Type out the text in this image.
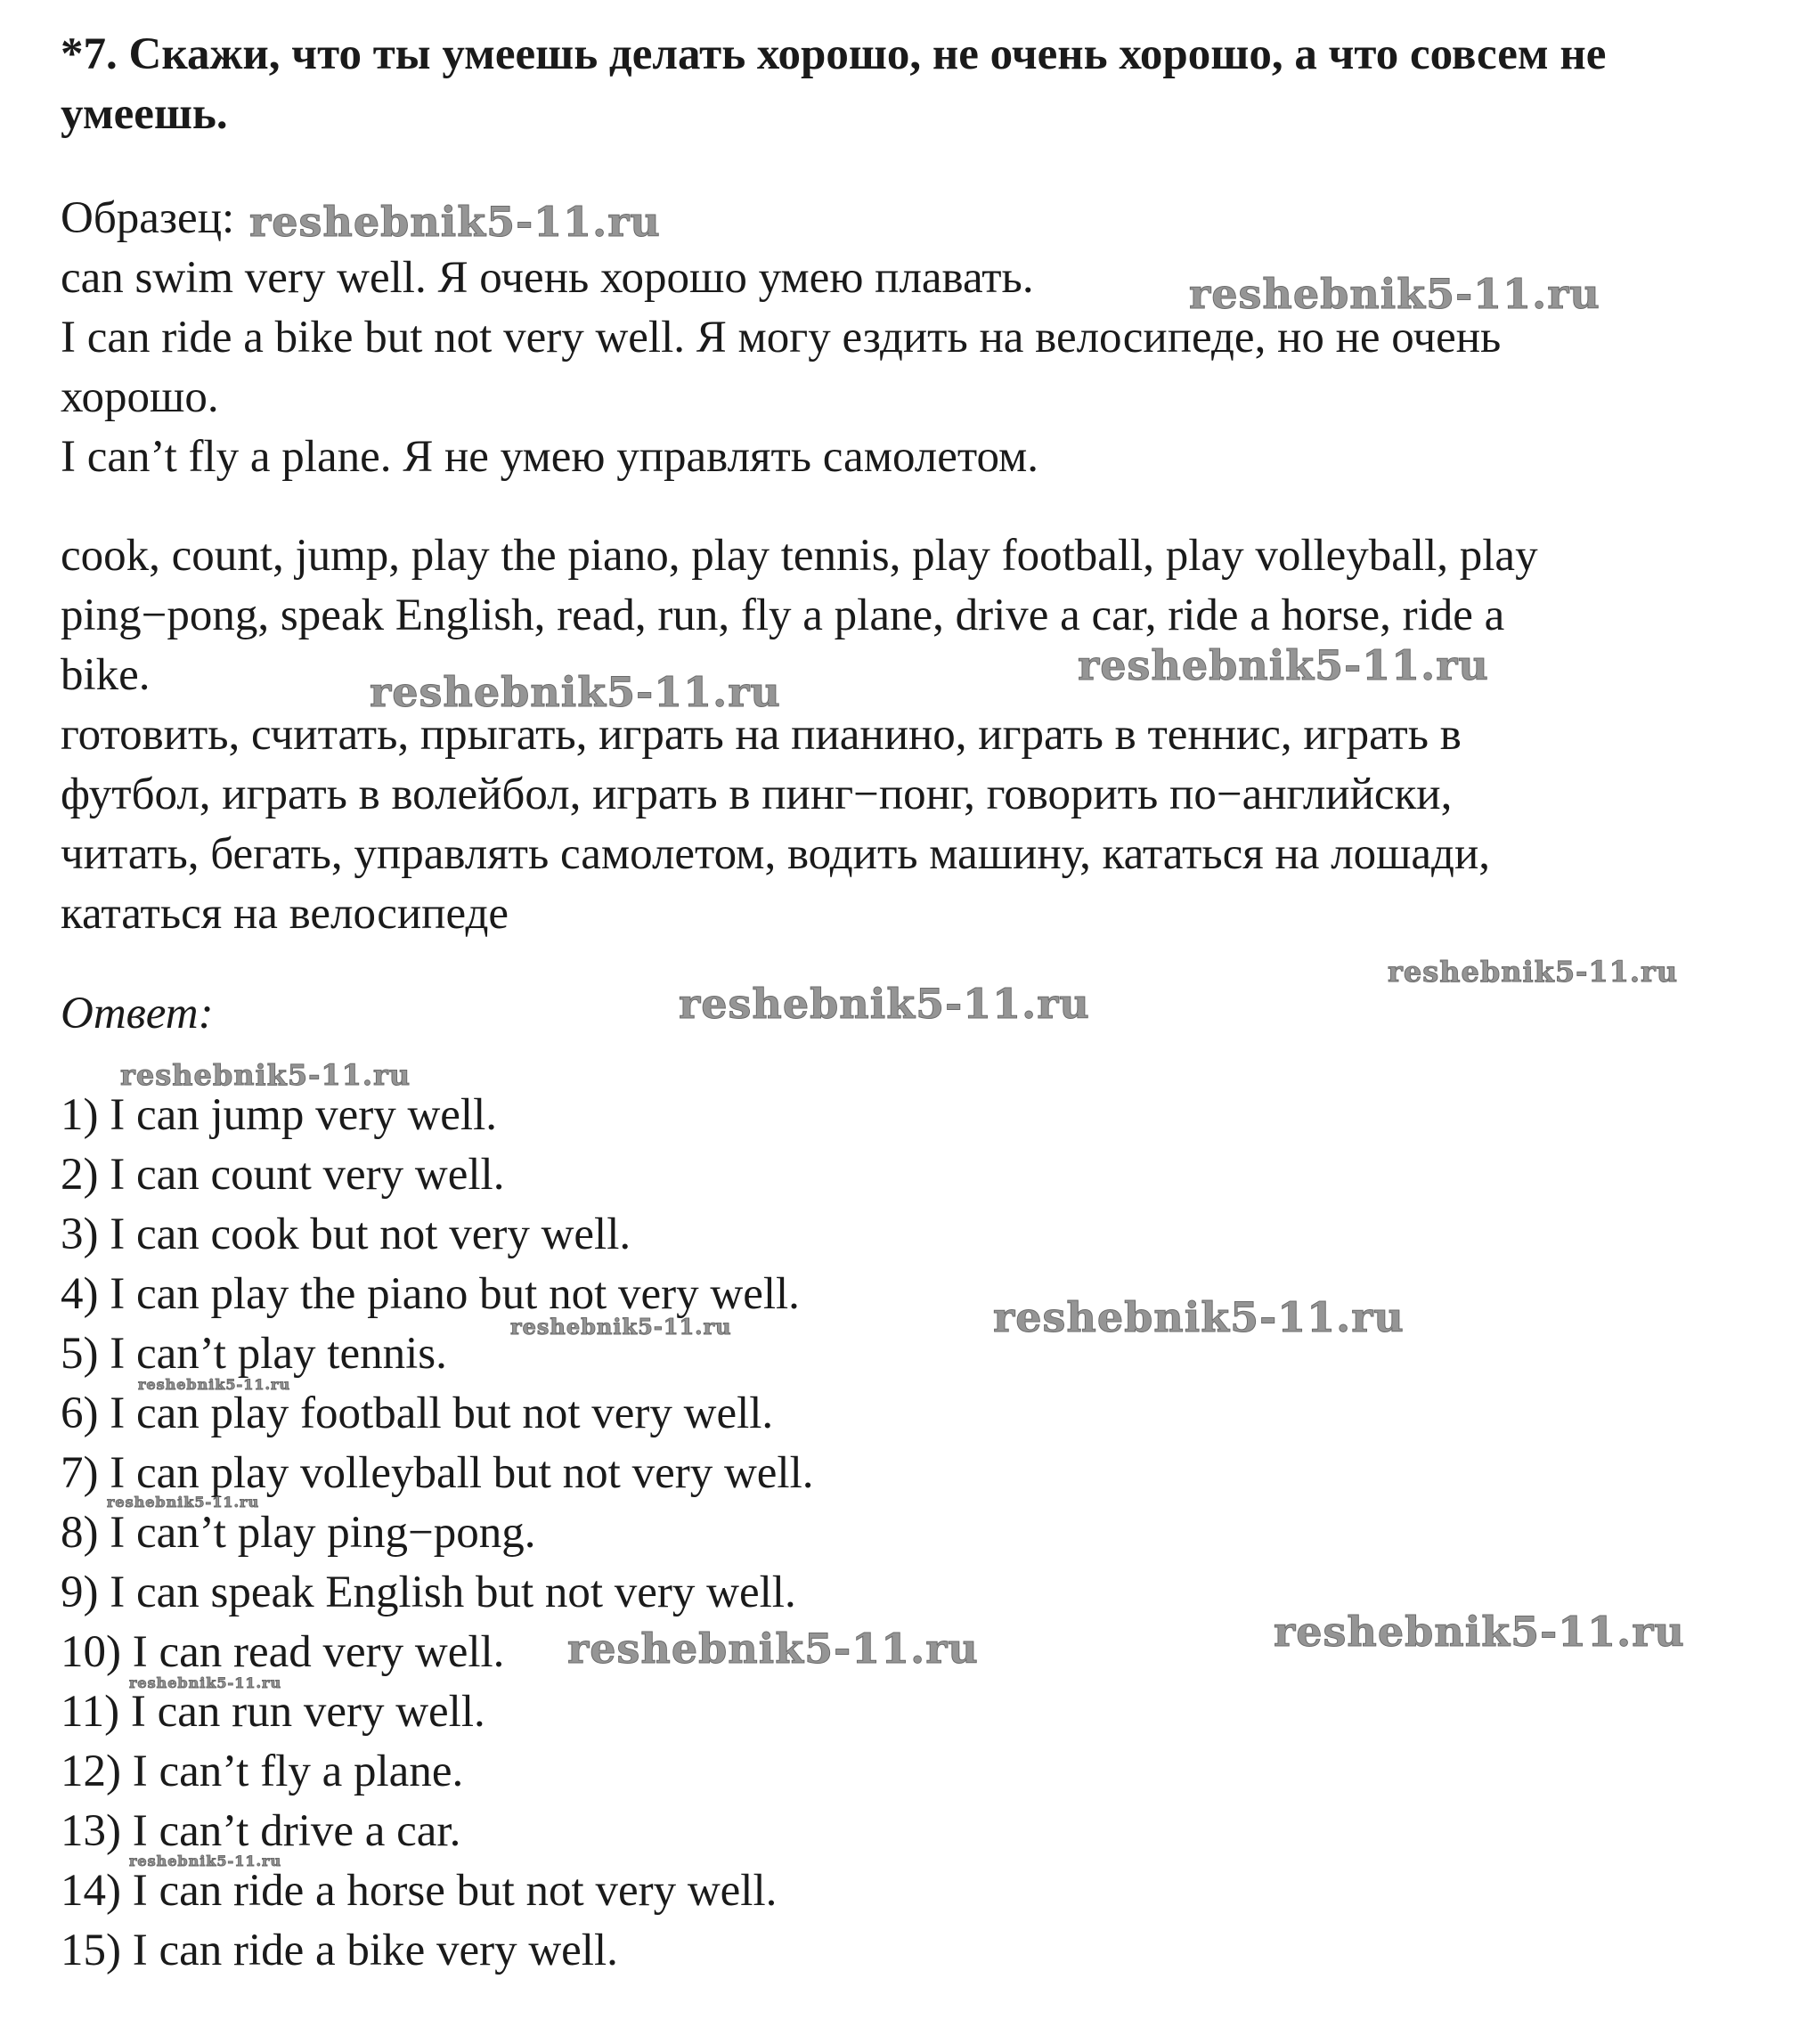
*7. Скажи, что ты умеешь делать хорошо, не очень хорошо, а что совсем не умеешь.

Образец:
can swim very well. Я очень хорошо умею плавать.
I can ride a bike but not very well. Я могу ездить на велосипеде, но не очень
хорошо.
I can’t fly a plane. Я не умею управлять самолетом.
cook, count, jump, play the piano, play tennis, play football, play volleyball, play
ping−pong, speak English, read, run, fly a plane, drive a car, ride a horse, ride a
bike.
готовить, считать, прыгать, играть на пианино, играть в теннис, играть в
футбол, играть в волейбол, играть в пинг−понг, говорить по−английски,
читать, бегать, управлять самолетом, водить машину, кататься на лошади,
кататься на велосипеде
Ответ:
1) I can jump very well.
2) I can count very well.
3) I can cook but not very well.
4) I can play the piano but not very well.
5) I can’t play tennis.
6) I can play football but not very well.
7) I can play volleyball but not very well.
8) I can’t play ping−pong.
9) I can speak English but not very well.
10) I can read very well.
11) I can run very well.
12) I can’t fly a plane.
13) I can’t drive a car.
14) I can ride a horse but not very well.
15) I can ride a bike very well.
reshebnik5-11.ru
reshebnik5-11.ru
reshebnik5-11.ru
reshebnik5-11.ru
reshebnik5-11.ru
reshebnik5-11.ru
reshebnik5-11.ru
reshebnik5-11.ru
reshebnik5-11.ru
reshebnik5-11.ru
reshebnik5-11.ru
reshebnik5-11.ru
reshebnik5-11.ru
reshebnik5-11.ru
reshebnik5-11.ru
